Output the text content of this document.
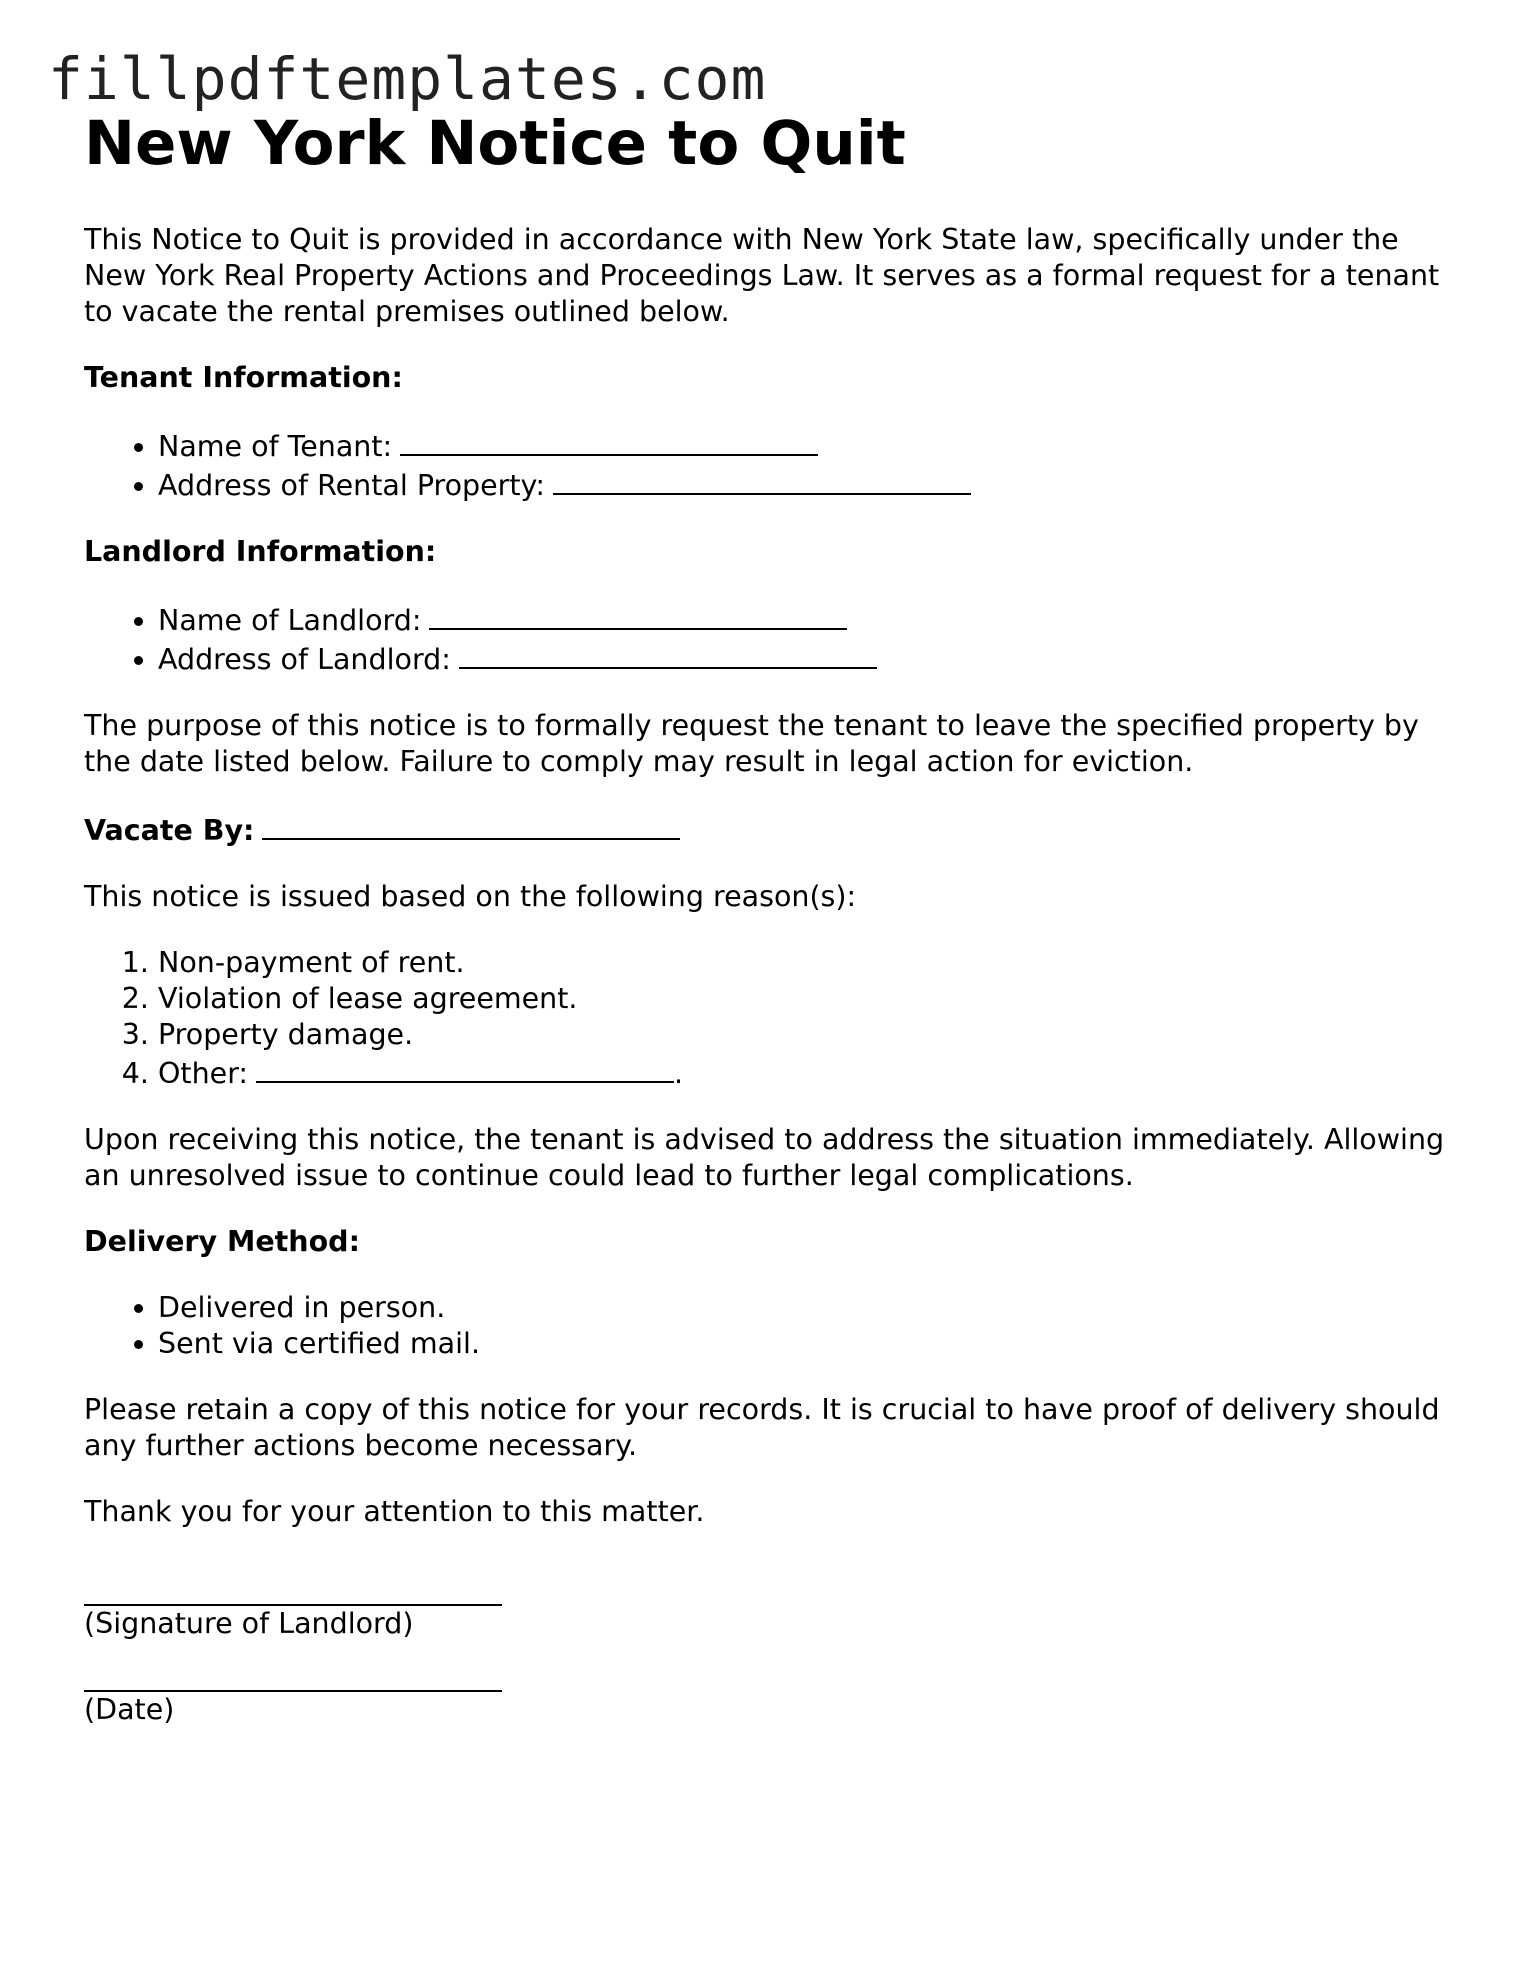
fillpdftemplates.com
New York Notice to Quit

This Notice to Quit is provided in accordance with New York State law, specifically under the New York Real Property Actions and Proceedings Law. It serves as a formal request for a tenant to vacate the rental premises outlined below.

Tenant Information:

• Name of Tenant:
• Address of Rental Property:

Landlord Information:

• Name of Landlord:
• Address of Landlord:

The purpose of this notice is to formally request the tenant to leave the specified property by the date listed below. Failure to comply may result in legal action for eviction.

Vacate By:

This notice is issued based on the following reason(s):

1. Non-payment of rent.
2. Violation of lease agreement.
3. Property damage.
4. Other:	.

Upon receiving this notice, the tenant is advised to address the situation immediately. Allowing an unresolved issue to continue could lead to further legal complications.

Delivery Method:

• Delivered in person.
• Sent via certified mail.

Please retain a copy of this notice for your records. It is crucial to have proof of delivery should any further actions become necessary.

Thank you for your attention to this matter.

(Signature of Landlord)
(Date)
